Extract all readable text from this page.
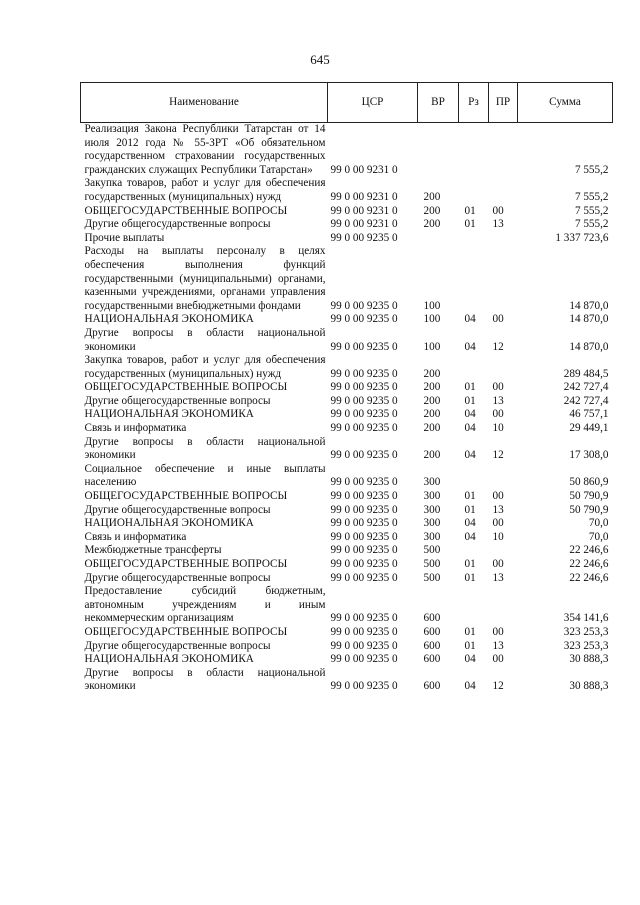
645
Наименование	ЦСР	ВР	Рз	ПР	Сумма
Реализация Закона Республики Татарстан от 14 июля 2012 года № 55-ЗРТ «Об обязательном государственном страховании государственных гражданских служащих Республики Татарстан»	99 0 00 9231 0				7 555,2
Закупка товаров, работ и услуг для обеспечения государственных (муниципальных) нужд	99 0 00 9231 0	200			7 555,2
ОБЩЕГОСУДАРСТВЕННЫЕ ВОПРОСЫ	99 0 00 9231 0	200	01	00	7 555,2
Другие общегосударственные вопросы	99 0 00 9231 0	200	01	13	7 555,2
Прочие выплаты	99 0 00 9235 0				1 337 723,6
Расходы на выплаты персоналу в целях обеспечения выполнения функций государственными (муниципальными) органами, казенными учреждениями, органами управления государственными внебюджетными фондами	99 0 00 9235 0	100			14 870,0
НАЦИОНАЛЬНАЯ ЭКОНОМИКА	99 0 00 9235 0	100	04	00	14 870,0
Другие вопросы в области национальной экономики	99 0 00 9235 0	100	04	12	14 870,0
Закупка товаров, работ и услуг для обеспечения государственных (муниципальных) нужд	99 0 00 9235 0	200			289 484,5
ОБЩЕГОСУДАРСТВЕННЫЕ ВОПРОСЫ	99 0 00 9235 0	200	01	00	242 727,4
Другие общегосударственные вопросы	99 0 00 9235 0	200	01	13	242 727,4
НАЦИОНАЛЬНАЯ ЭКОНОМИКА	99 0 00 9235 0	200	04	00	46 757,1
Связь и информатика	99 0 00 9235 0	200	04	10	29 449,1
Другие вопросы в области национальной экономики	99 0 00 9235 0	200	04	12	17 308,0
Социальное обеспечение и иные выплаты населению	99 0 00 9235 0	300			50 860,9
ОБЩЕГОСУДАРСТВЕННЫЕ ВОПРОСЫ	99 0 00 9235 0	300	01	00	50 790,9
Другие общегосударственные вопросы	99 0 00 9235 0	300	01	13	50 790,9
НАЦИОНАЛЬНАЯ ЭКОНОМИКА	99 0 00 9235 0	300	04	00	70,0
Связь и информатика	99 0 00 9235 0	300	04	10	70,0
Межбюджетные трансферты	99 0 00 9235 0	500			22 246,6
ОБЩЕГОСУДАРСТВЕННЫЕ ВОПРОСЫ	99 0 00 9235 0	500	01	00	22 246,6
Другие общегосударственные вопросы	99 0 00 9235 0	500	01	13	22 246,6
Предоставление субсидий бюджетным, автономным учреждениям и иным некоммерческим организациям	99 0 00 9235 0	600			354 141,6
ОБЩЕГОСУДАРСТВЕННЫЕ ВОПРОСЫ	99 0 00 9235 0	600	01	00	323 253,3
Другие общегосударственные вопросы	99 0 00 9235 0	600	01	13	323 253,3
НАЦИОНАЛЬНАЯ ЭКОНОМИКА	99 0 00 9235 0	600	04	00	30 888,3
Другие вопросы в области национальной экономики	99 0 00 9235 0	600	04	12	30 888,3
